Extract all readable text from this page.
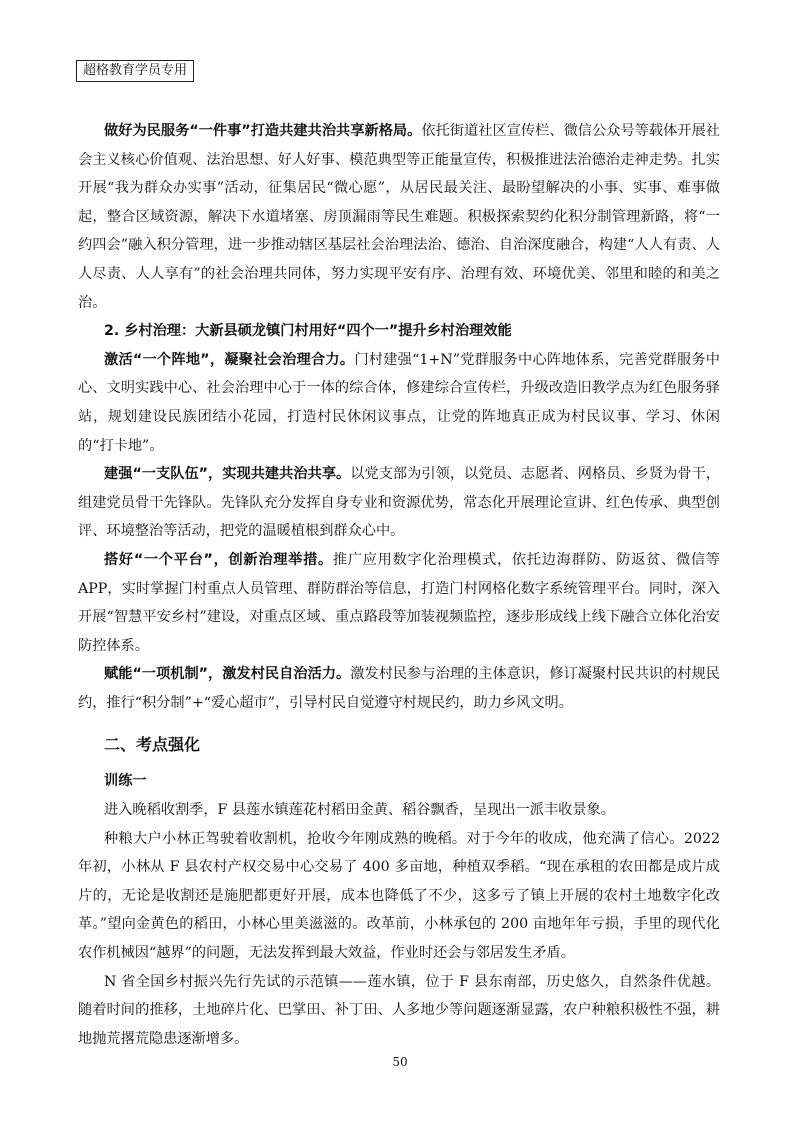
超格教育学员专用

做好为民服务“一件事”打造共建共治共享新格局。依托街道社区宣传栏、微信公众号等载体开展社会主义核心价值观、法治思想、好人好事、模范典型等正能量宣传，积极推进法治德治走神走势。扎实开展“我为群众办实事”活动，征集居民“微心愿”，从居民最关注、最盼望解决的小事、实事、难事做起，整合区域资源，解决下水道堵塞、房顶漏雨等民生难题。积极探索契约化积分制管理新路，将“一约四会”融入积分管理，进一步推动辖区基层社会治理法治、德治、自治深度融合，构建“人人有责、人人尽责、人人享有”的社会治理共同体，努力实现平安有序、治理有效、环境优美、邻里和睦的和美之治。

2. 乡村治理：大新县硕龙镇门村用好“四个一”提升乡村治理效能

激活“一个阵地”，凝聚社会治理合力。门村建强“1+N”党群服务中心阵地体系，完善党群服务中心、文明实践中心、社会治理中心于一体的综合体，修建综合宣传栏，升级改造旧教学点为红色服务驿站，规划建设民族团结小花园，打造村民休闲议事点，让党的阵地真正成为村民议事、学习、休闲的“打卡地”。

建强“一支队伍”，实现共建共治共享。以党支部为引领，以党员、志愿者、网格员、乡贤为骨干，组建党员骨干先锋队。先锋队充分发挥自身专业和资源优势，常态化开展理论宣讲、红色传承、典型创评、环境整治等活动，把党的温暖植根到群众心中。

搭好“一个平台”，创新治理举措。推广应用数字化治理模式，依托边海群防、防返贫、微信等 APP，实时掌握门村重点人员管理、群防群治等信息，打造门村网格化数字系统管理平台。同时，深入开展“智慧平安乡村”建设，对重点区域、重点路段等加装视频监控，逐步形成线上线下融合立体化治安防控体系。

赋能“一项机制”，激发村民自治活力。激发村民参与治理的主体意识，修订凝聚村民共识的村规民约，推行“积分制”+“爱心超市”，引导村民自觉遵守村规民约，助力乡风文明。

二、考点强化

训练一

进入晚稻收割季，F 县莲水镇莲花村稻田金黄、稻谷飘香，呈现出一派丰收景象。

种粮大户小林正驾驶着收割机，抢收今年刚成熟的晚稻。对于今年的收成，他充满了信心。2022 年初，小林从 F 县农村产权交易中心交易了 400 多亩地，种植双季稻。“现在承租的农田都是成片成片的，无论是收割还是施肥都更好开展，成本也降低了不少，这多亏了镇上开展的农村土地数字化改革。”望向金黄色的稻田，小林心里美滋滋的。改革前，小林承包的 200 亩地年年亏损，手里的现代化农作机械因“越界”的问题，无法发挥到最大效益，作业时还会与邻居发生矛盾。

N 省全国乡村振兴先行先试的示范镇——莲水镇，位于 F 县东南部，历史悠久，自然条件优越。随着时间的推移，土地碎片化、巴掌田、补丁田、人多地少等问题逐渐显露，农户种粮积极性不强，耕地抛荒撂荒隐患逐渐增多。

50
